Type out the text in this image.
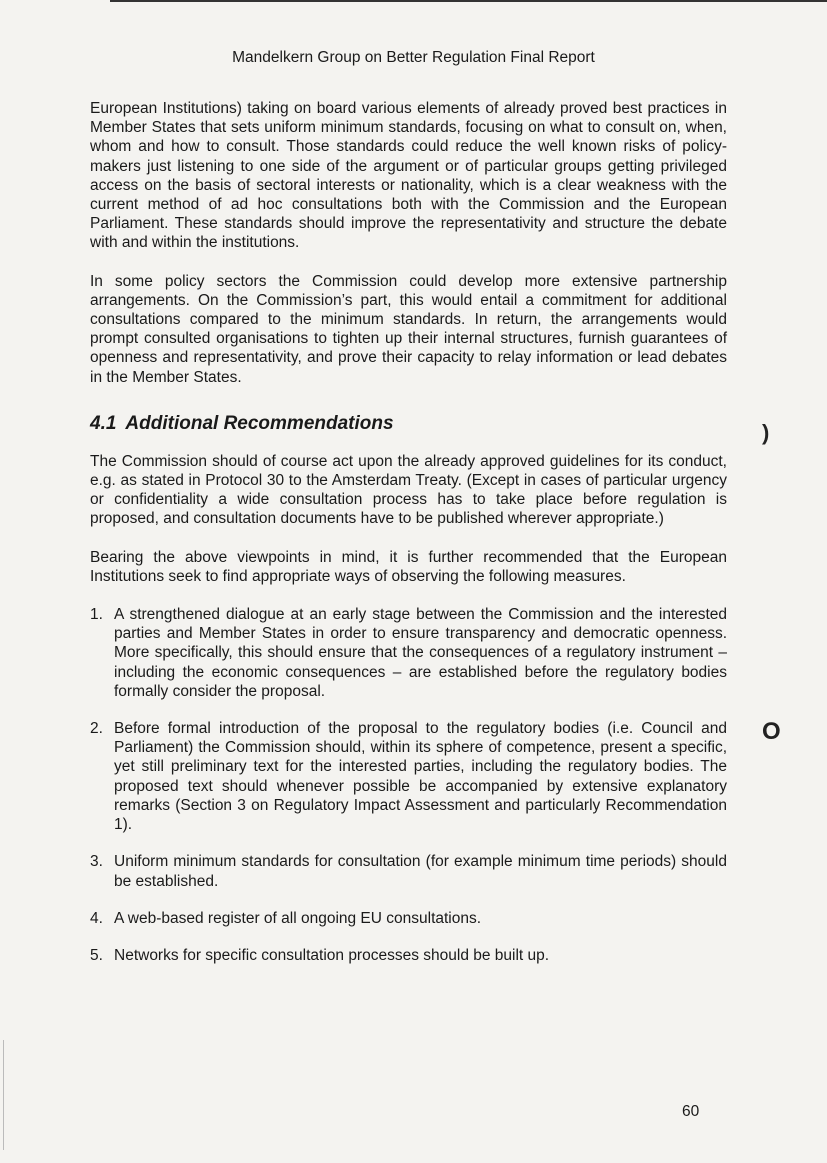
Mandelkern Group on Better Regulation Final Report

European Institutions) taking on board various elements of already proved best practices in Member States that sets uniform minimum standards, focusing on what to consult on, when, whom and how to consult. Those standards could reduce the well known risks of policy-makers just listening to one side of the argument or of particular groups getting privileged access on the basis of sectoral interests or nationality, which is a clear weakness with the current method of ad hoc consultations both with the Commission and the European Parliament. These standards should improve the representativity and structure the debate with and within the institutions.

In some policy sectors the Commission could develop more extensive partnership arrangements. On the Commission’s part, this would entail a commitment for additional consultations compared to the minimum standards. In return, the arrangements would prompt consulted organisations to tighten up their internal structures, furnish guarantees of openness and representativity, and prove their capacity to relay information or lead debates in the Member States.

4.1 Additional Recommendations

The Commission should of course act upon the already approved guidelines for its conduct, e.g. as stated in Protocol 30 to the Amsterdam Treaty. (Except in cases of particular urgency or confidentiality a wide consultation process has to take place before regulation is proposed, and consultation documents have to be published wherever appropriate.)

Bearing the above viewpoints in mind, it is further recommended that the European Institutions seek to find appropriate ways of observing the following measures.

1. A strengthened dialogue at an early stage between the Commission and the interested parties and Member States in order to ensure transparency and democratic openness. More specifically, this should ensure that the consequences of a regulatory instrument – including the economic consequences – are established before the regulatory bodies formally consider the proposal.
2. Before formal introduction of the proposal to the regulatory bodies (i.e. Council and Parliament) the Commission should, within its sphere of competence, present a specific, yet still preliminary text for the interested parties, including the regulatory bodies. The proposed text should whenever possible be accompanied by extensive explanatory remarks (Section 3 on Regulatory Impact Assessment and particularly Recommendation 1).
3. Uniform minimum standards for consultation (for example minimum time periods) should be established.
4. A web-based register of all ongoing EU consultations.
5. Networks for specific consultation processes should be built up.
)
O
60
